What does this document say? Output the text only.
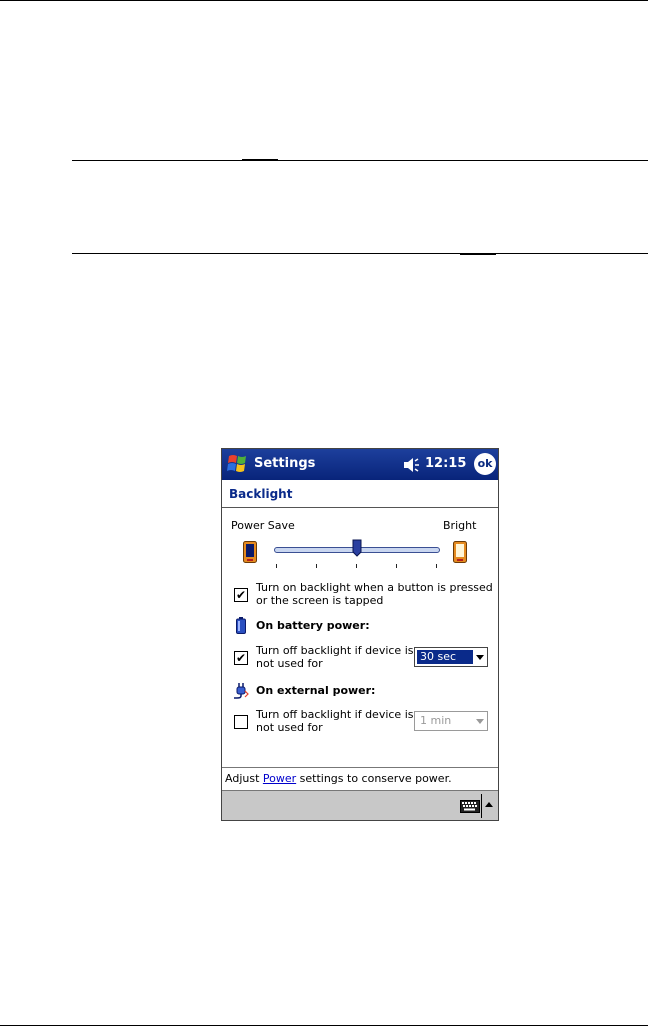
Settings	12:15	ok
Backlight
Power Save	Bright
✔
Turn on backlight when a button is pressed or the screen is tapped
On battery power:
✔
Turn off backlight if device is not used for
30 sec
On external power:
Turn off backlight if device is not used for
1 min
Adjust Power settings to conserve power.
